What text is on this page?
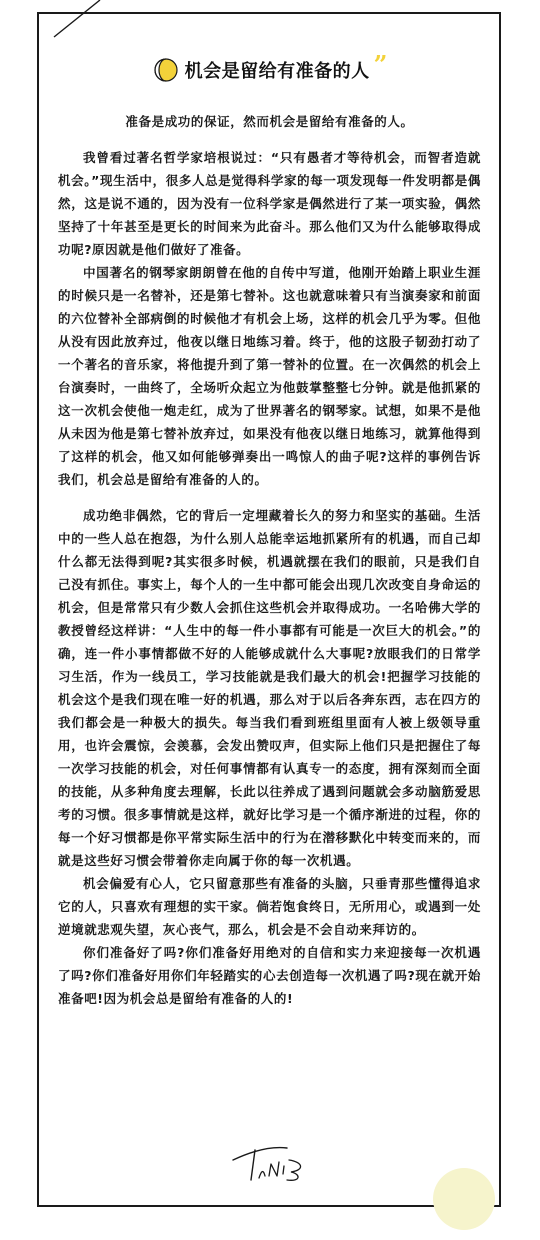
机会是留给有准备的人 ”

准备是成功的保证，然而机会是留给有准备的人。

我曾看过著名哲学家培根说过：“只有愚者才等待机会，而智者造就机会。”现生活中，很多人总是觉得科学家的每一项发现每一件发明都是偶然，这是说不通的，因为没有一位科学家是偶然进行了某一项实验，偶然坚持了十年甚至是更长的时间来为此奋斗。那么他们又为什么能够取得成功呢?原因就是他们做好了准备。

中国著名的钢琴家朗朗曾在他的自传中写道，他刚开始踏上职业生涯的时候只是一名替补，还是第七替补。这也就意味着只有当演奏家和前面的六位替补全部病倒的时候他才有机会上场，这样的机会几乎为零。但他从没有因此放弃过，他夜以继日地练习着。终于，他的这股子韧劲打动了一个著名的音乐家，将他提升到了第一替补的位置。在一次偶然的机会上台演奏时，一曲终了，全场听众起立为他鼓掌整整七分钟。就是他抓紧的这一次机会使他一炮走红，成为了世界著名的钢琴家。试想，如果不是他从未因为他是第七替补放弃过，如果没有他夜以继日地练习，就算他得到了这样的机会，他又如何能够弹奏出一鸣惊人的曲子呢?这样的事例告诉我们，机会总是留给有准备的人的。

成功绝非偶然，它的背后一定埋藏着长久的努力和坚实的基础。生活中的一些人总在抱怨，为什么别人总能幸运地抓紧所有的机遇，而自己却什么都无法得到呢?其实很多时候，机遇就摆在我们的眼前，只是我们自己没有抓住。事实上，每个人的一生中都可能会出现几次改变自身命运的机会，但是常常只有少数人会抓住这些机会并取得成功。一名哈佛大学的教授曾经这样讲：“人生中的每一件小事都有可能是一次巨大的机会。”的确，连一件小事情都做不好的人能够成就什么大事呢?放眼我们的日常学习生活，作为一线员工，学习技能就是我们最大的机会!把握学习技能的机会这个是我们现在唯一好的机遇，那么对于以后各奔东西，志在四方的我们都会是一种极大的损失。每当我们看到班组里面有人被上级领导重用，也许会震惊，会羡慕，会发出赞叹声，但实际上他们只是把握住了每一次学习技能的机会，对任何事情都有认真专一的态度，拥有深刻而全面的技能，从多种角度去理解，长此以往养成了遇到问题就会多动脑筋爱思考的习惯。很多事情就是这样，就好比学习是一个循序渐进的过程，你的每一个好习惯都是你平常实际生活中的行为在潜移默化中转变而来的，而就是这些好习惯会带着你走向属于你的每一次机遇。

机会偏爱有心人，它只留意那些有准备的头脑，只垂青那些懂得追求它的人，只喜欢有理想的实干家。倘若饱食终日，无所用心，或遇到一处逆境就悲观失望，灰心丧气，那么，机会是不会自动来拜访的。

你们准备好了吗?你们准备好用绝对的自信和实力来迎接每一次机遇了吗?你们准备好用你们年轻踏实的心去创造每一次机遇了吗?现在就开始准备吧!因为机会总是留给有准备的人的!
